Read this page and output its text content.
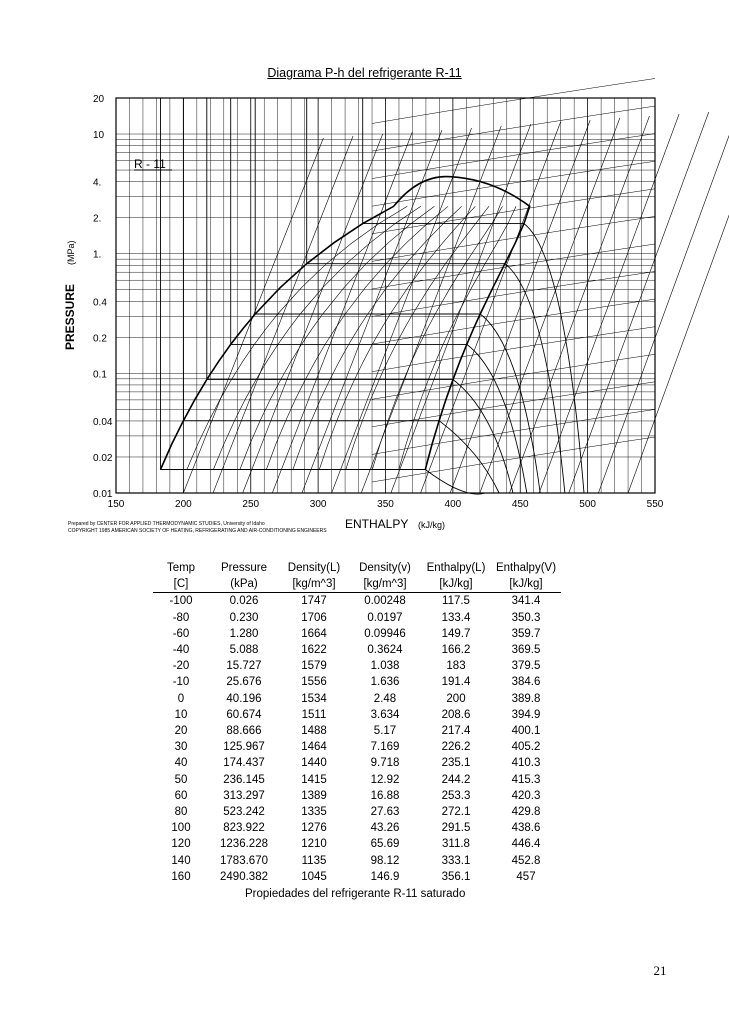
Diagrama P-h del refrigerante R-11
20
10
4.
2.
1.
0.4
0.2
0.1
0.04
0.02
0.01
150	200	250	300	350	400	450	500	550
PRESSURE
(MPa)
ENTHALPY (kJ/kg)
R - 11
Prepared by CENTER FOR APPLIED THERMODYNAMIC STUDIES, University of Idaho
COPYRIGHT 1985 AMERICAN SOCIETY OF HEATING, REFRIGERATING AND AIR-CONDITIONING ENGINEERS
Temp	Pressure	Density(L)	Density(v)	Enthalpy(L)	Enthalpy(V)
[C]	(kPa)	[kg/m^3]	[kg/m^3]	[kJ/kg]	[kJ/kg]
-100	0.026	1747	0.00248	117.5	341.4
-80	0.230	1706	0.0197	133.4	350.3
-60	1.280	1664	0.09946	149.7	359.7
-40	5.088	1622	0.3624	166.2	369.5
-20	15.727	1579	1.038	183	379.5
-10	25.676	1556	1.636	191.4	384.6
0	40.196	1534	2.48	200	389.8
10	60.674	1511	3.634	208.6	394.9
20	88.666	1488	5.17	217.4	400.1
30	125.967	1464	7.169	226.2	405.2
40	174.437	1440	9.718	235.1	410.3
50	236.145	1415	12.92	244.2	415.3
60	313.297	1389	16.88	253.3	420.3
80	523.242	1335	27.63	272.1	429.8
100	823.922	1276	43.26	291.5	438.6
120	1236.228	1210	65.69	311.8	446.4
140	1783.670	1135	98.12	333.1	452.8
160	2490.382	1045	146.9	356.1	457
Propiedades del refrigerante R-11 saturado
21
